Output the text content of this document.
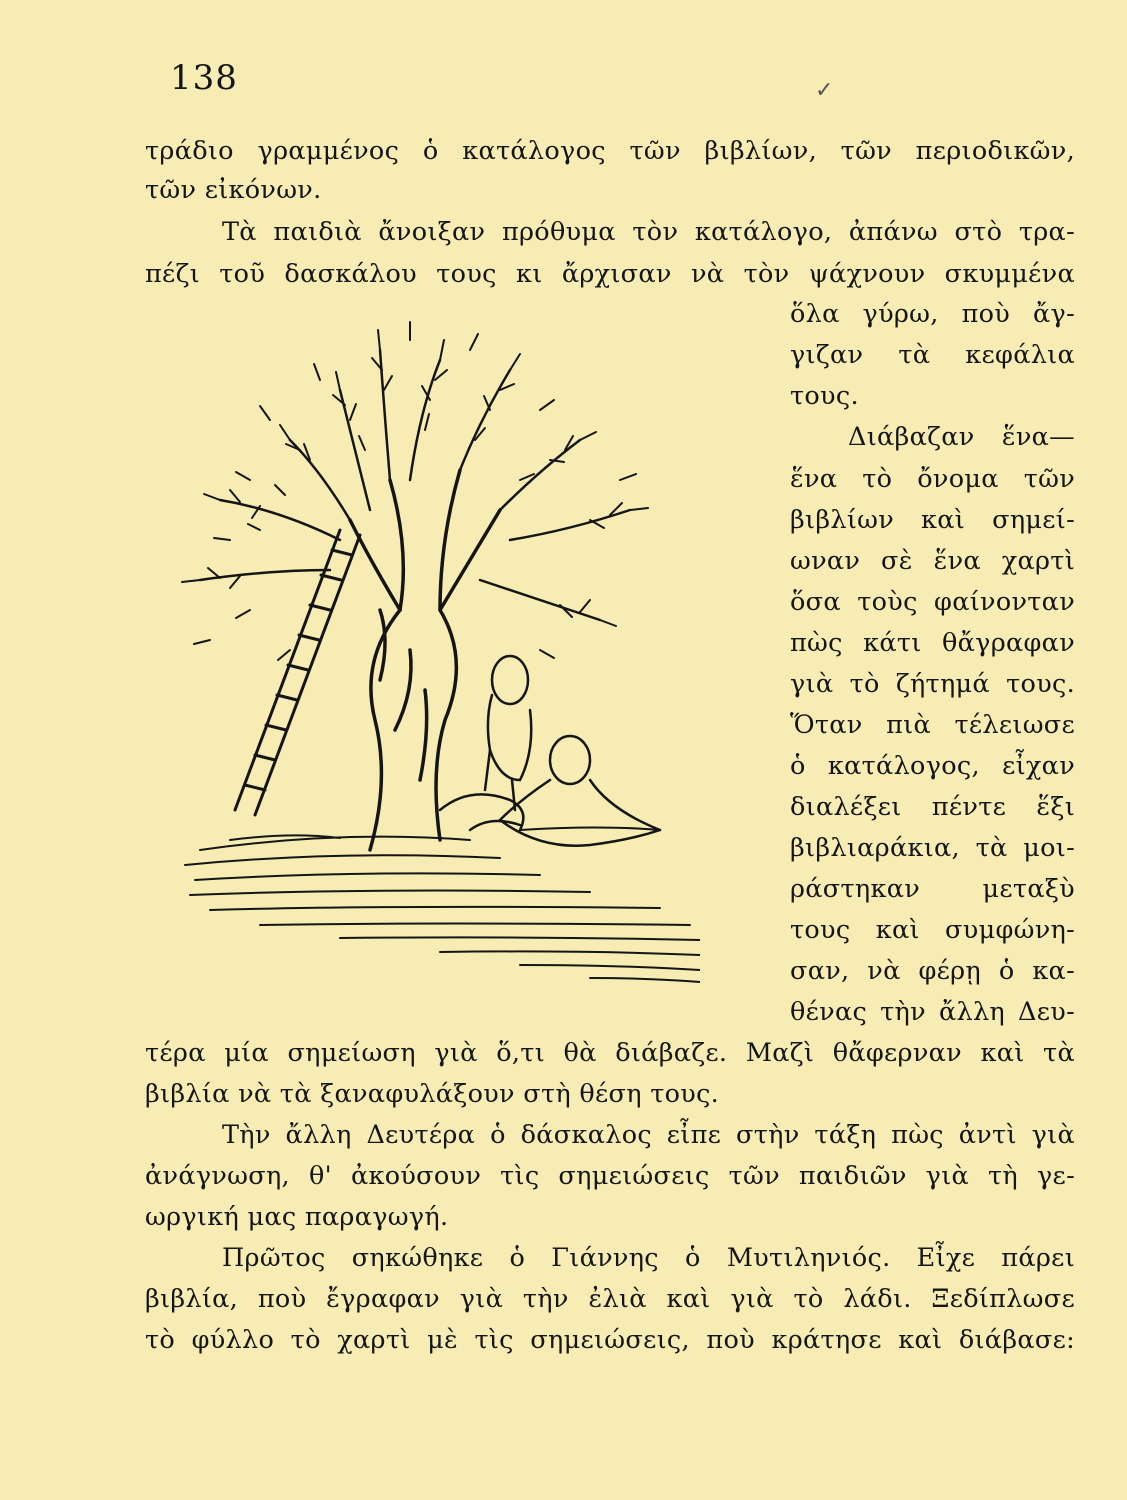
138	✓
τράδιο γραμμένος ὁ κατάλογος τῶν βιβλίων, τῶν περιοδικῶν,
τῶν εἰκόνων.
Τὰ παιδιὰ ἄνοιξαν πρόθυμα τὸν κατάλογο, ἀπάνω στὸ τρα-
πέζι τοῦ δασκάλου τους κι ἄρχισαν νὰ τὸν ψάχνουν σκυμμένα
ὅλα γύρω, ποὺ ἄγ-
γιζαν τὰ κεφάλια
τους.
Διάβαζαν ἕνα—
ἕνα τὸ ὄνομα τῶν
βιβλίων καὶ σημεί-
ωναν σὲ ἕνα χαρτὶ
ὅσα τοὺς φαίνονταν
πὼς κάτι θἄγραφαν
γιὰ τὸ ζήτημά τους.
Ὅταν πιὰ τέλειωσε
ὁ κατάλογος, εἶχαν
διαλέξει πέντε ἕξι
βιβλιαράκια, τὰ μοι-
ράστηκαν μεταξὺ
τους καὶ συμφώνη-
σαν, νὰ φέρῃ ὁ κα-
θένας τὴν ἄλλη Δευ-
τέρα μία σημείωση γιὰ ὅ,τι θὰ διάβαζε. Μαζὶ θἄφερναν καὶ τὰ
βιβλία νὰ τὰ ξαναφυλάξουν στὴ θέση τους.
Τὴν ἄλλη Δευτέρα ὁ δάσκαλος εἶπε στὴν τάξη πὼς ἀντὶ γιὰ
ἀνάγνωση, θ' ἀκούσουν τὶς σημειώσεις τῶν παιδιῶν γιὰ τὴ γε-
ωργική μας παραγωγή.
Πρῶτος σηκώθηκε ὁ Γιάννης ὁ Μυτιληνιός. Εἶχε πάρει
βιβλία, ποὺ ἔγραφαν γιὰ τὴν ἐλιὰ καὶ γιὰ τὸ λάδι. Ξεδίπλωσε
τὸ φύλλο τὸ χαρτὶ μὲ τὶς σημειώσεις, ποὺ κράτησε καὶ διάβασε:
